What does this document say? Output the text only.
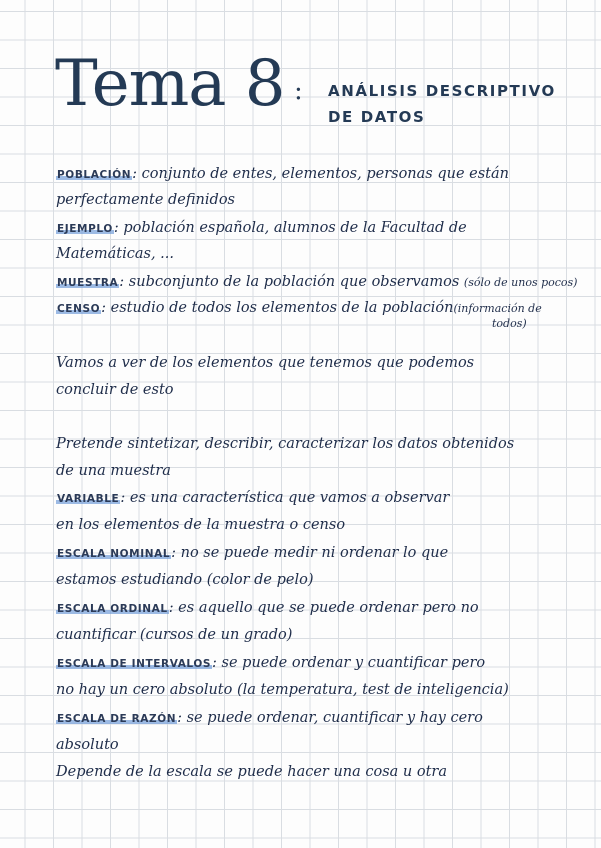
Tema 8 : ANÁLISIS DESCRIPTIVO
DE DATOS
POBLACIÓN: conjunto de entes, elementos, personas que están
perfectamente definidos
EJEMPLO: población española, alumnos de la Facultad de
Matemáticas, ...
MUESTRA: subconjunto de la población que observamos (sólo de unos pocos)
CENSO: estudio de todos los elementos de la población(información de
todos)
Vamos a ver de los elementos que tenemos que podemos
concluir de esto
Pretende sintetizar, describir, caracterizar los datos obtenidos
de una muestra
VARIABLE: es una característica que vamos a observar
en los elementos de la muestra o censo
ESCALA NOMINAL: no se puede medir ni ordenar lo que
estamos estudiando (color de pelo)
ESCALA ORDINAL: es aquello que se puede ordenar pero no
cuantificar (cursos de un grado)
ESCALA DE INTERVALOS: se puede ordenar y cuantificar pero
no hay un cero absoluto (la temperatura, test de inteligencia)
ESCALA DE RAZÓN: se puede ordenar, cuantificar y hay cero
absoluto
Depende de la escala se puede hacer una cosa u otra
